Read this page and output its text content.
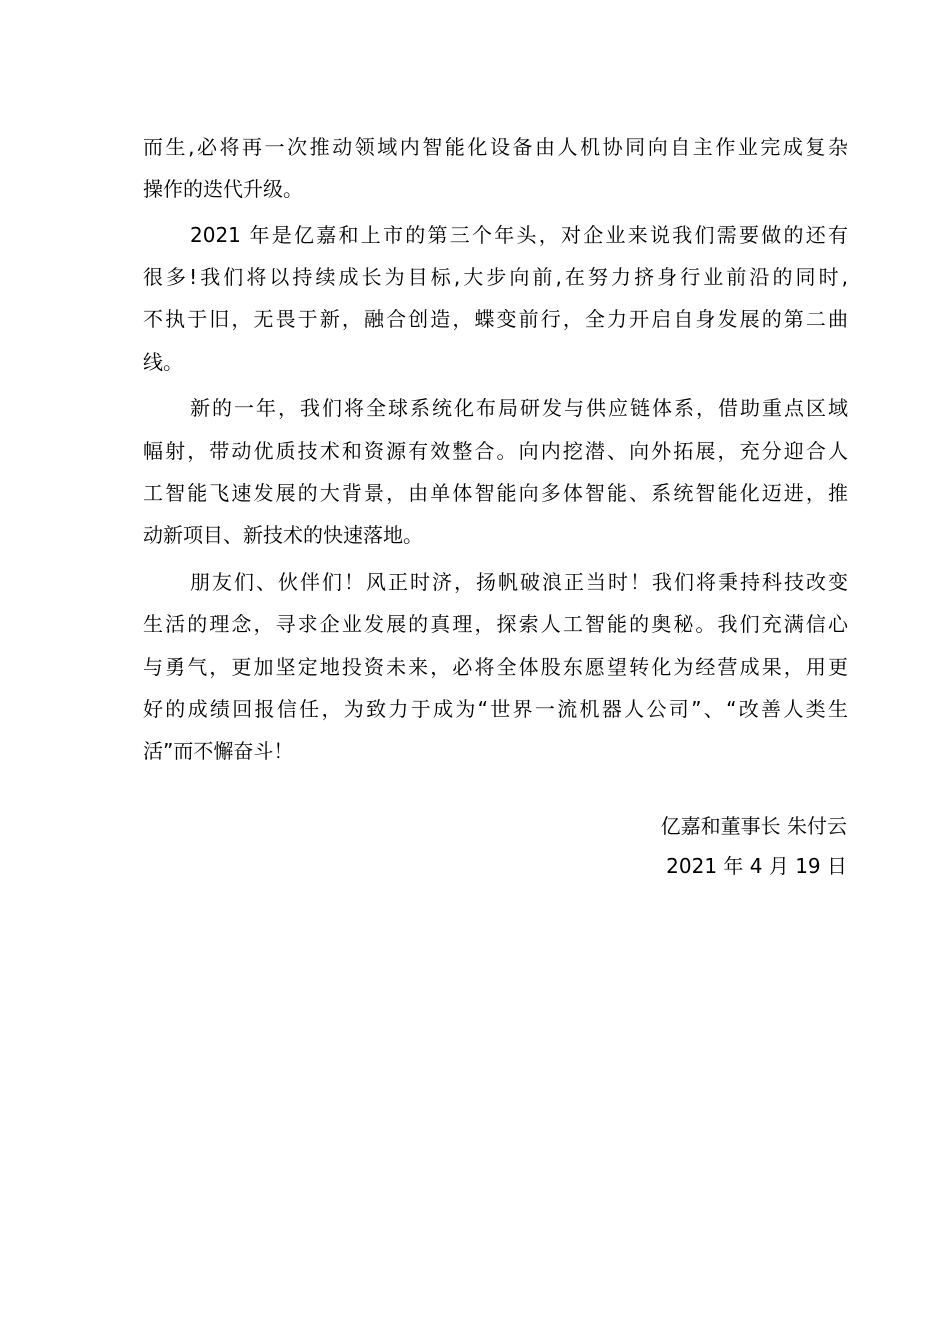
而生,必将再一次推动领域内智能化设备由人机协同向自主作业完成复杂
操作的迭代升级。
2021 年是亿嘉和上市的第三个年头，对企业来说我们需要做的还有
很多!我们将以持续成长为目标,大步向前,在努力挤身行业前沿的同时,
不执于旧，无畏于新，融合创造，蝶变前行，全力开启自身发展的第二曲
线。
新的一年，我们将全球系统化布局研发与供应链体系，借助重点区域
幅射，带动优质技术和资源有效整合。向内挖潜、向外拓展，充分迎合人
工智能飞速发展的大背景，由单体智能向多体智能、系统智能化迈进，推
动新项目、新技术的快速落地。
朋友们、伙伴们！风正时济，扬帆破浪正当时！我们将秉持科技改变
生活的理念，寻求企业发展的真理，探索人工智能的奥秘。我们充满信心
与勇气，更加坚定地投资未来，必将全体股东愿望转化为经营成果，用更
好的成绩回报信任，为致力于成为“世界一流机器人公司”、“改善人类生
活”而不懈奋斗！
亿嘉和董事长 朱付云
2021 年 4 月 19 日
